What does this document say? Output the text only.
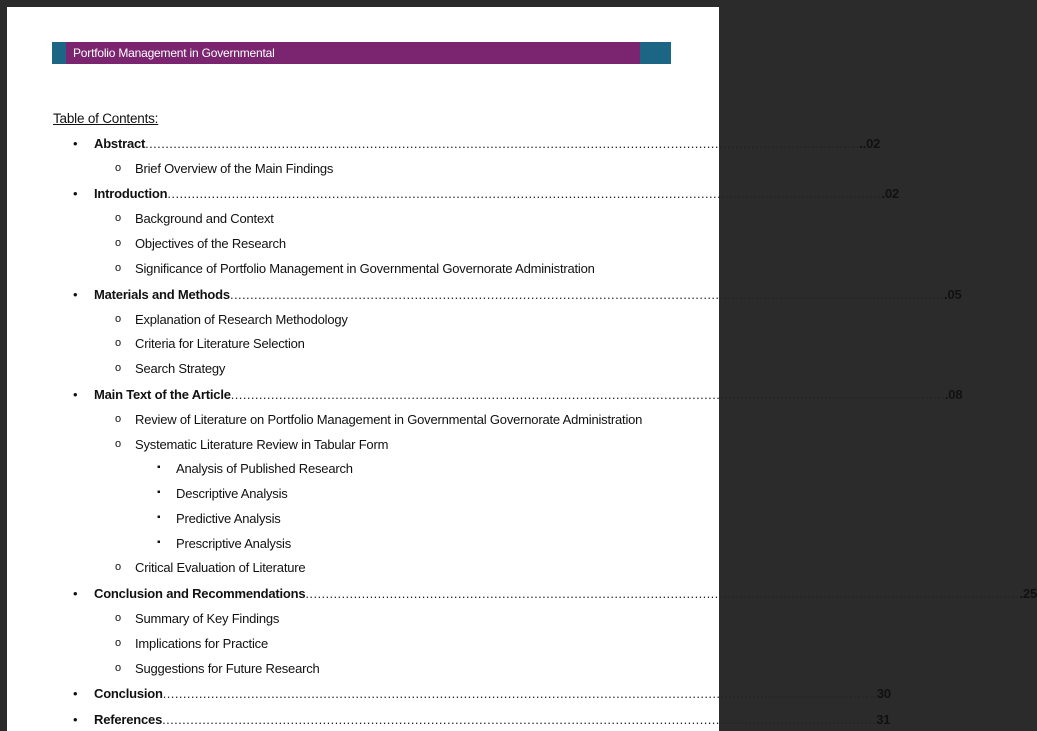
Portfolio Management in Governmental
Table of Contents:
• Abstract .................................................................................................................................................................................. ..02
o Brief Overview of the Main Findings
• Introduction .................................................................................................................................................................................. .02
o Background and Context
o Objectives of the Research
o Significance of Portfolio Management in Governmental Governorate Administration
• Materials and Methods .................................................................................................................................................................................. .05
o Explanation of Research Methodology
o Criteria for Literature Selection
o Search Strategy
• Main Text of the Article .................................................................................................................................................................................. .08
o Review of Literature on Portfolio Management in Governmental Governorate Administration
o Systematic Literature Review in Tabular Form
▪ Analysis of Published Research
▪ Descriptive Analysis
▪ Predictive Analysis
▪ Prescriptive Analysis
o Critical Evaluation of Literature
• Conclusion and Recommendations .................................................................................................................................................................................. .25
o Summary of Key Findings
o Implications for Practice
o Suggestions for Future Research
• Conclusion .................................................................................................................................................................................. 30
• References .................................................................................................................................................................................. 31
